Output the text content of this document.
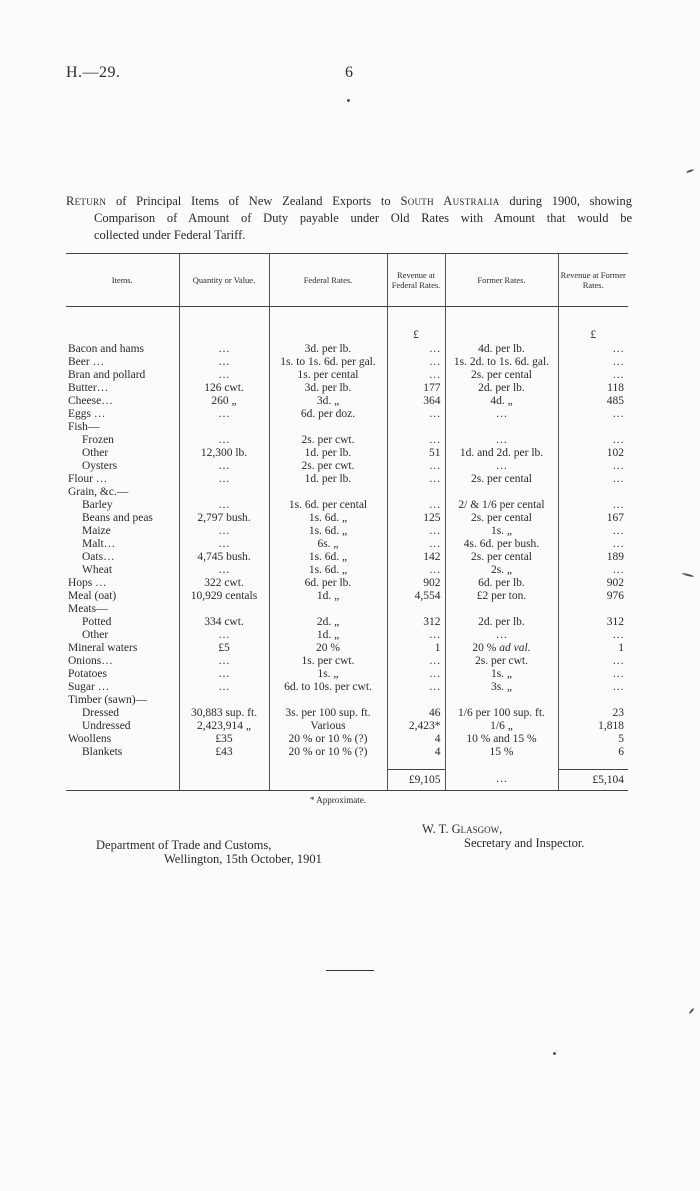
H.—29.	6
Return of Principal Items of New Zealand Exports to South Australia during 1900, showing
Comparison of Amount of Duty payable under Old Rates with Amount that would be
collected under Federal Tariff.
Items.	Quantity or Value.	Federal Rates.	Revenue at Federal Rates.	Former Rates.	Revenue at Former Rates.

			£		£
Bacon and hams	…	3d. per lb.	…	4d. per lb.	…
Beer …	…	1s. to 1s. 6d. per gal.	…	1s. 2d. to 1s. 6d. gal.	…
Bran and pollard	…	1s. per cental	…	2s. per cental	…
Butter…	126 cwt.	3d. per lb.	177	2d. per lb.	118
Cheese…	260 „	3d. „	364	4d. „	485
Eggs …	…	6d. per doz.	…	…	…
Fish—					
Frozen	…	2s. per cwt.	…	…	…
Other	12,300 lb.	1d. per lb.	51	1d. and 2d. per lb.	102
Oysters	…	2s. per cwt.	…	…	…
Flour …	…	1d. per lb.	…	2s. per cental	…
Grain, &c.—					
Barley	…	1s. 6d. per cental	…	2/ & 1/6 per cental	…
Beans and peas	2,797 bush.	1s. 6d. „	125	2s. per cental	167
Maize	…	1s. 6d. „	…	1s. „	…
Malt…	…	6s. „	…	4s. 6d. per bush.	…
Oats…	4,745 bush.	1s. 6d. „	142	2s. per cental	189
Wheat	…	1s. 6d. „	…	2s. „	…
Hops …	322 cwt.	6d. per lb.	902	6d. per lb.	902
Meal (oat)	10,929 centals	1d. „	4,554	£2 per ton.	976
Meats—					
Potted	334 cwt.	2d. „	312	2d. per lb.	312
Other	…	1d. „	…	…	…
Mineral waters	£5	20 %	1	20 % ad val.	1
Onions…	…	1s. per cwt.	…	2s. per cwt.	…
Potatoes	…	1s. „	…	1s. „	…
Sugar …	…	6d. to 10s. per cwt.	…	3s. „	…
Timber (sawn)—					
Dressed	30,883 sup. ft.	3s. per 100 sup. ft.	46	1/6 per 100 sup. ft.	23
Undressed	2,423,914 „	Various	2,423*	1/6 „	1,818
Woollens	£35	20 % or 10 % (?)	4	10 % and 15 %	5
Blankets	£43	20 % or 10 % (?)	4	15 %	6
			£9,105	…	£5,104
* Approximate.
Department of Trade and Customs,
Wellington, 15th October, 1901
W. T. Glasgow,
Secretary and Inspector.
